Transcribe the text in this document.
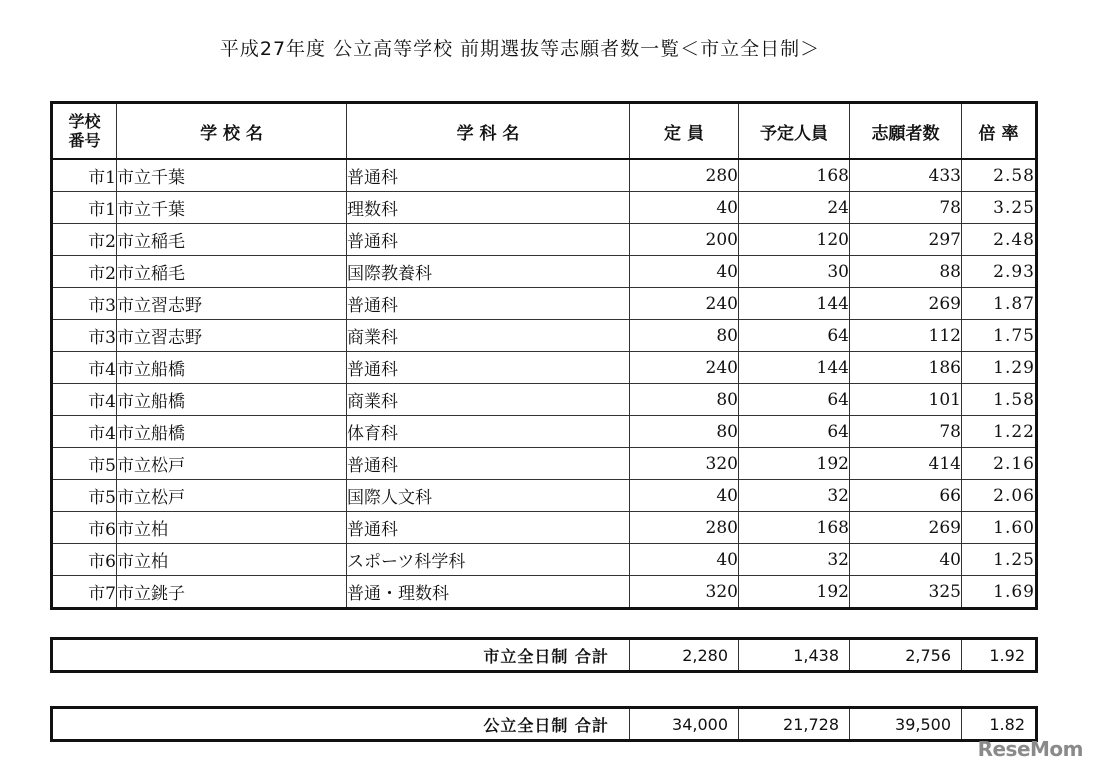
平成27年度 公立高等学校 前期選抜等志願者数一覧＜市立全日制＞
学校
番号	学 校 名	学 科 名	定 員	予定人員	志願者数	倍 率
市1	市立千葉	普通科	280	168	433	2.58
市1	市立千葉	理数科	40	24	78	3.25
市2	市立稲毛	普通科	200	120	297	2.48
市2	市立稲毛	国際教養科	40	30	88	2.93
市3	市立習志野	普通科	240	144	269	1.87
市3	市立習志野	商業科	80	64	112	1.75
市4	市立船橋	普通科	240	144	186	1.29
市4	市立船橋	商業科	80	64	101	1.58
市4	市立船橋	体育科	80	64	78	1.22
市5	市立松戸	普通科	320	192	414	2.16
市5	市立松戸	国際人文科	40	32	66	2.06
市6	市立柏	普通科	280	168	269	1.60
市6	市立柏	スポーツ科学科	40	32	40	1.25
市7	市立銚子	普通・理数科	320	192	325	1.69
市立全日制 合計	2,280	1,438	2,756	1.92
公立全日制 合計	34,000	21,728	39,500	1.82
ReseMom
